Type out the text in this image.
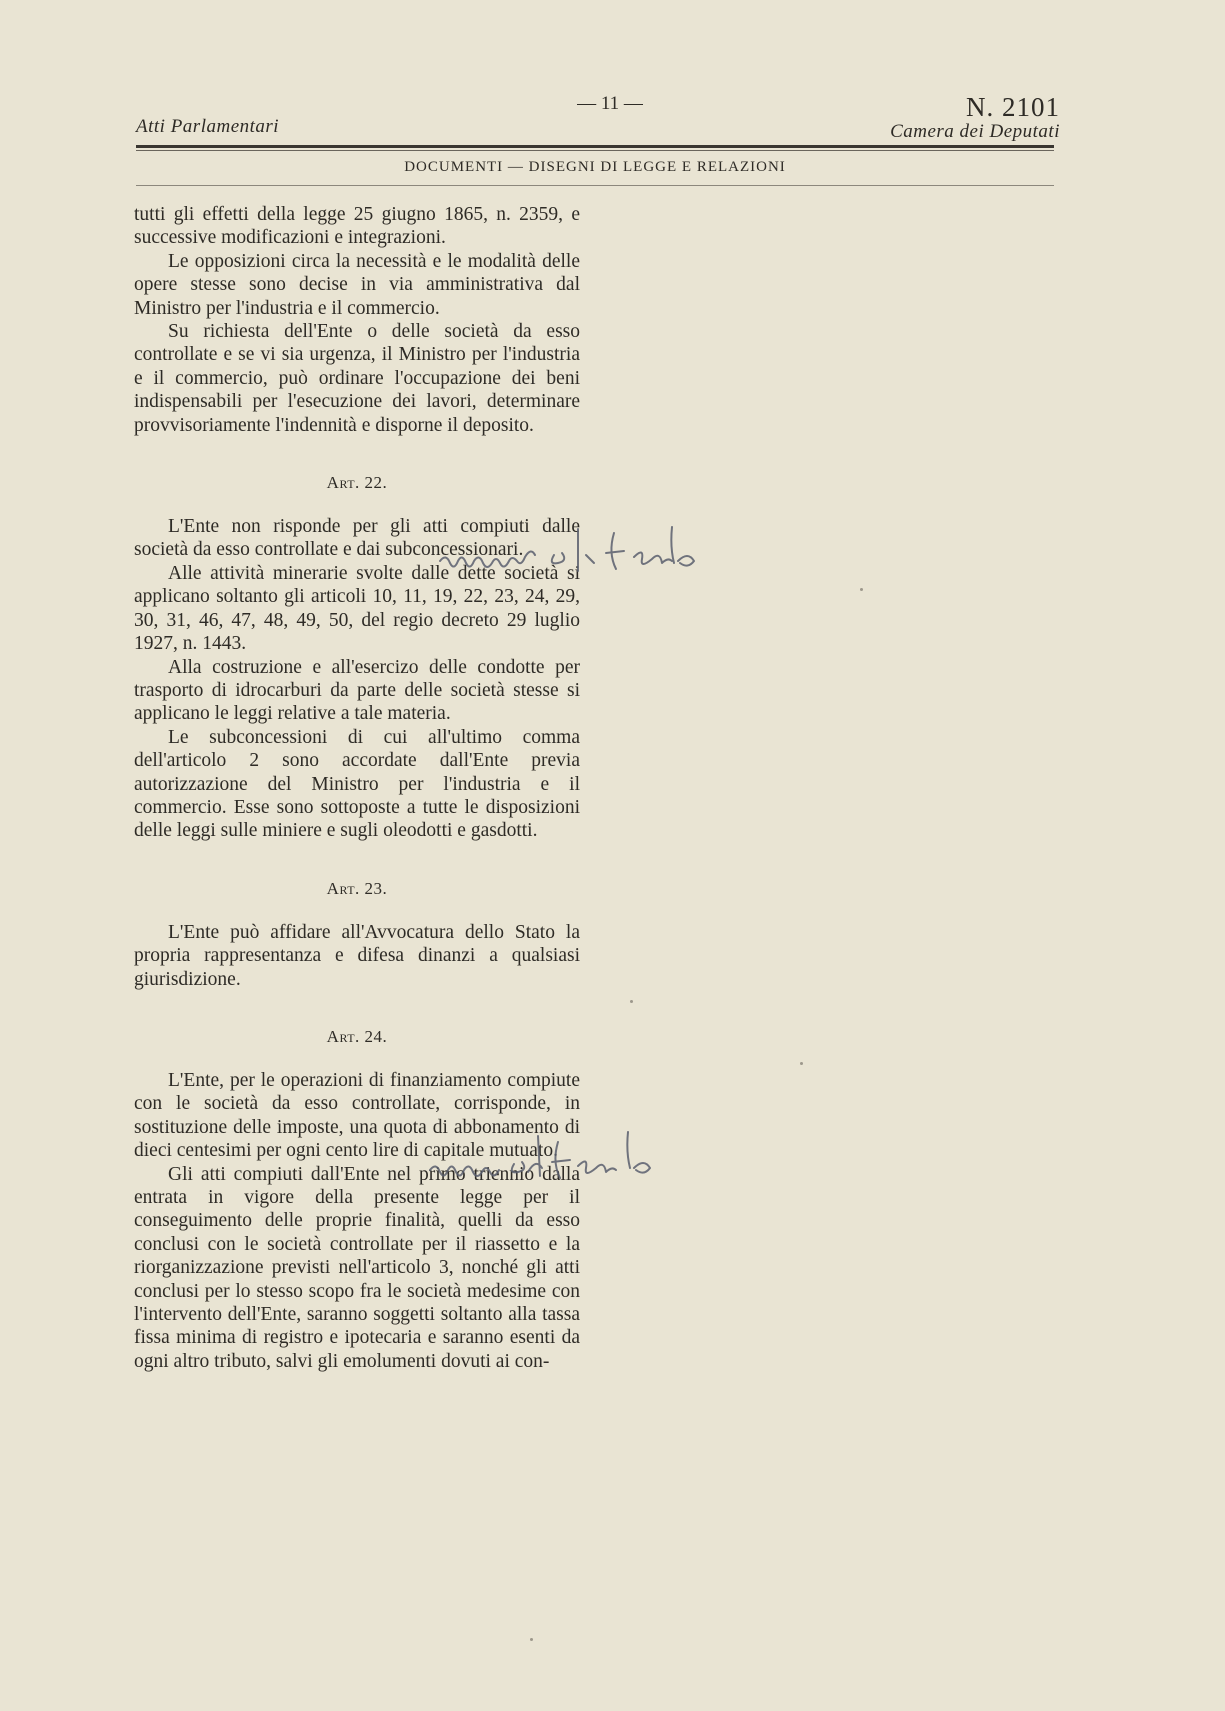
Atti Parlamentari
— 11 —	N. 2101
Camera dei Deputati
DOCUMENTI — DISEGNI DI LEGGE E RELAZIONI

tutti gli effetti della legge 25 giugno 1865, n. 2359, e successive modificazioni e integrazioni.

Le opposizioni circa la necessità e le modalità delle opere stesse sono decise in via amministrativa dal Ministro per l'industria e il commercio.

Su richiesta dell'Ente o delle società da esso controllate e se vi sia urgenza, il Ministro per l'industria e il commercio, può ordinare l'occupazione dei beni indispensabili per l'esecuzione dei lavori, determinare provvisoriamente l'indennità e disporne il deposito.

Art. 22.

L'Ente non risponde per gli atti compiuti dalle società da esso controllate e dai subconcessionari.

Alle attività minerarie svolte dalle dette società si applicano soltanto gli articoli 10, 11, 19, 22, 23, 24, 29, 30, 31, 46, 47, 48, 49, 50, del regio decreto 29 luglio 1927, n. 1443.

Alla costruzione e all'esercizo delle condotte per trasporto di idrocarburi da parte delle società stesse si applicano le leggi relative a tale materia.

Le subconcessioni di cui all'ultimo comma dell'articolo 2 sono accordate dall'Ente previa autorizzazione del Ministro per l'industria e il commercio. Esse sono sottoposte a tutte le disposizioni delle leggi sulle miniere e sugli oleodotti e gasdotti.

Art. 23.

L'Ente può affidare all'Avvocatura dello Stato la propria rappresentanza e difesa dinanzi a qualsiasi giurisdizione.

Art. 24.

L'Ente, per le operazioni di finanziamento compiute con le società da esso controllate, corrisponde, in sostituzione delle imposte, una quota di abbonamento di dieci centesimi per ogni cento lire di capitale mutuato.

Gli atti compiuti dall'Ente nel primo triennio dalla entrata in vigore della presente legge per il conseguimento delle proprie finalità, quelli da esso conclusi con le società controllate per il riassetto e la riorganizzazione previsti nell'articolo 3, nonché gli atti conclusi per lo stesso scopo fra le società medesime con l'intervento dell'Ente, saranno soggetti soltanto alla tassa fissa minima di registro e ipotecaria e saranno esenti da ogni altro tributo, salvi gli emolumenti dovuti ai con-
